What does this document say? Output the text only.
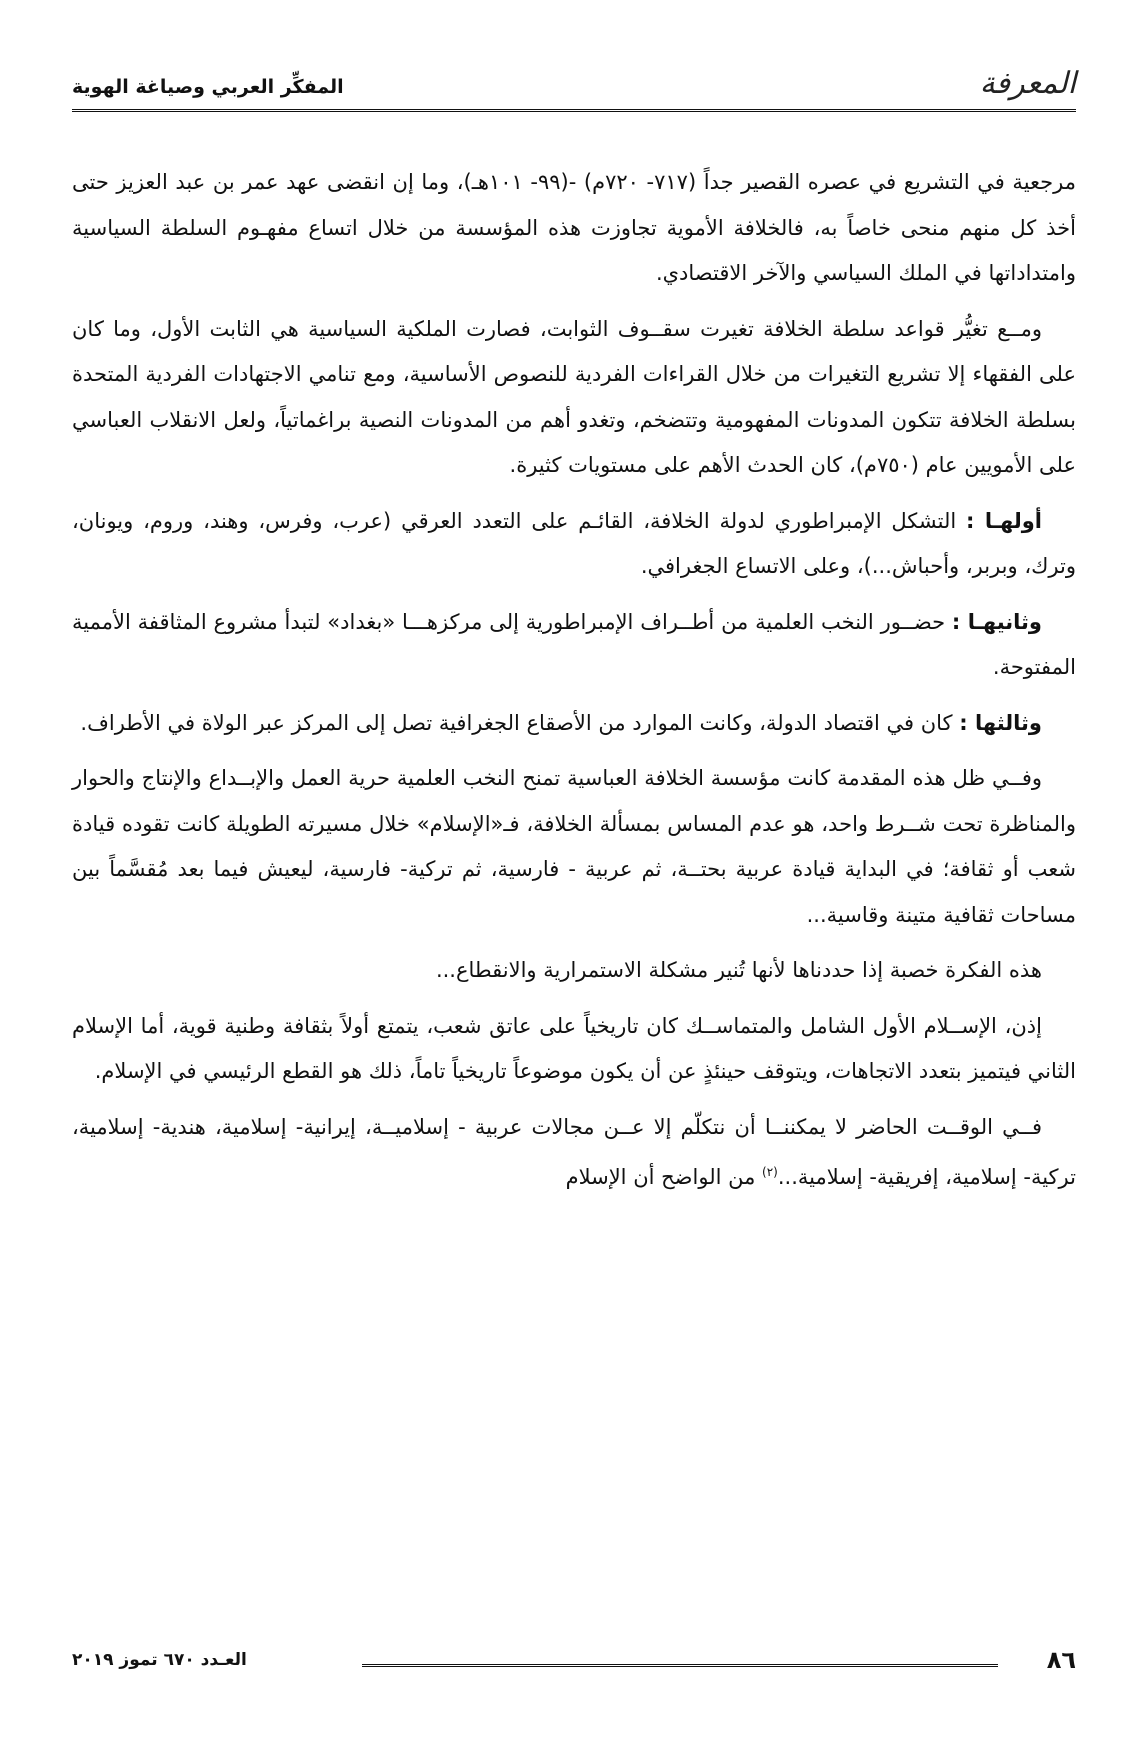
المعرفة
المفكِّر العربي وصياغة الهوية

مرجعية في التشريع في عصره القصير جداً (٧١٧- ٧٢٠م) -(٩٩- ١٠١هـ)، وما إن انقضى عهد عمر بن عبد العزيز حتى أخذ كل منهم منحى خاصاً به، فالخلافة الأموية تجاوزت هذه المؤسسة من خلال اتساع مفهـوم السلطة السياسية وامتداداتها في الملك السياسي والآخر الاقتصادي.

ومــع تغيُّر قواعد سلطة الخلافة تغيرت سقــوف الثوابت، فصارت الملكية السياسية هي الثابت الأول، وما كان على الفقهاء إلا تشريع التغيرات من خلال القراءات الفردية للنصوص الأساسية، ومع تنامي الاجتهادات الفردية المتحدة بسلطة الخلافة تتكون المدونات المفهومية وتتضخم، وتغدو أهم من المدونات النصية براغماتياً، ولعل الانقلاب العباسي على الأمويين عام (٧٥٠م)، كان الحدث الأهم على مستويات كثيرة.

أولهـا : التشكل الإمبراطوري لدولة الخلافة، القائـم على التعدد العرقي (عرب، وفرس، وهند، وروم، ويونان، وترك، وبربر، وأحباش...)، وعلى الاتساع الجغرافي.

وثانيهـا : حضــور النخب العلمية من أطــراف الإمبراطورية إلى مركزهـــا «بغداد» لتبدأ مشروع المثاقفة الأممية المفتوحة.

وثالثها : كان في اقتصاد الدولة، وكانت الموارد من الأصقاع الجغرافية تصل إلى المركز عبر الولاة في الأطراف.

وفــي ظل هذه المقدمة كانت مؤسسة الخلافة العباسية تمنح النخب العلمية حرية العمل والإبــداع والإنتاج والحوار والمناظرة تحت شــرط واحد، هو عدم المساس بمسألة الخلافة، فـ«الإسلام» خلال مسيرته الطويلة كانت تقوده قيادة شعب أو ثقافة؛ في البداية قيادة عربية بحتــة، ثم عربية - فارسية، ثم تركية- فارسية، ليعيش فيما بعد مُقسَّماً بين مساحات ثقافية متينة وقاسية...

هذه الفكرة خصبة إذا حددناها لأنها تُنير مشكلة الاستمرارية والانقطاع...

إذن، الإســلام الأول الشامل والمتماســك كان تاريخياً على عاتق شعب، يتمتع أولاً بثقافة وطنية قوية، أما الإسلام الثاني فيتميز بتعدد الاتجاهات، ويتوقف حينئذٍ عن أن يكون موضوعاً تاريخياً تاماً، ذلك هو القطع الرئيسي في الإسلام.

فــي الوقــت الحاضر لا يمكننــا أن نتكلّم إلا عــن مجالات عربية - إسلاميــة، إيرانية- إسلامية، هندية- إسلامية، تركية- إسلامية، إفريقية- إسلامية...$^{(٢)}$ من الواضح أن الإسلام

٨٦
العـدد ٦٧٠ تموز ٢٠١٩
